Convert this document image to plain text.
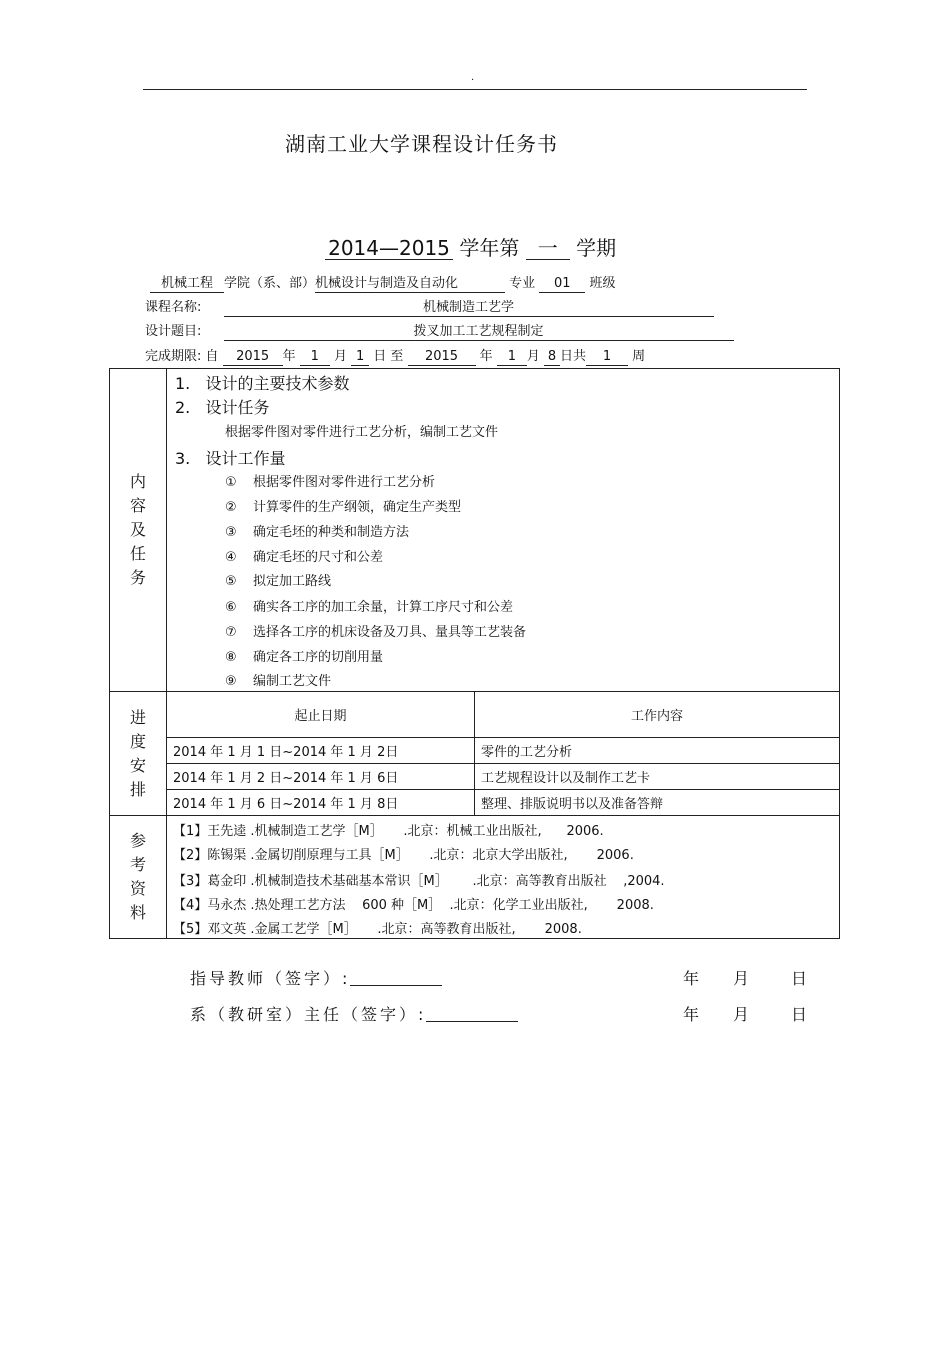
.
湖南工业大学课程设计任务书
2014—2015 学年第 一 学期
机械工程 学院（系、部）机械设计与制造及自动化	专业 01 班级
课程名称:	机械制造工艺学
设计题目:	拨叉加工工艺规程制定
完成期限: 自 2015 年 1 月 1 日 至 2015 年 1 月 8 日共 1 周
内容及任务

1.   设计的主要技术参数
2.   设计任务
根据零件图对零件进行工艺分析，编制工艺文件
3.   设计工作量
① 根据零件图对零件进行工艺分析
② 计算零件的生产纲领，确定生产类型
③ 确定毛坯的种类和制造方法
④ 确定毛坯的尺寸和公差
⑤ 拟定加工路线
⑥ 确实各工序的加工余量，计算工序尺寸和公差
⑦ 选择各工序的机床设备及刀具、量具等工艺装备
⑧ 确定各工序的切削用量
⑨ 编制工艺文件

进度安排

起止日期	工作内容
2014 年 1 月 1 日~2014 年 1 月 2日	零件的工艺分析
2014 年 1 月 2 日~2014 年 1 月 6日	工艺规程设计以及制作工艺卡
2014 年 1 月 6 日~2014 年 1 月 8日	整理、排版说明书以及准备答辩

参考资料

【1】王先逵 .机械制造工艺学［M］     .北京：机械工业出版社,      2006.
【2】陈锡渠 .金属切削原理与工具［M］     .北京：北京大学出版社,       2006.
【3】葛金印 .机械制造技术基础基本常识［M］      .北京：高等教育出版社    ,2004.
【4】马永杰 .热处理工艺方法    600 种［M］  .北京：化学工业出版社,       2008.
【5】邓文英 .金属工艺学［M］     .北京：高等教育出版社,       2008.
指导教师（签字）:	年 月	日
系（教研室）主任（签字）:	年 月	日
